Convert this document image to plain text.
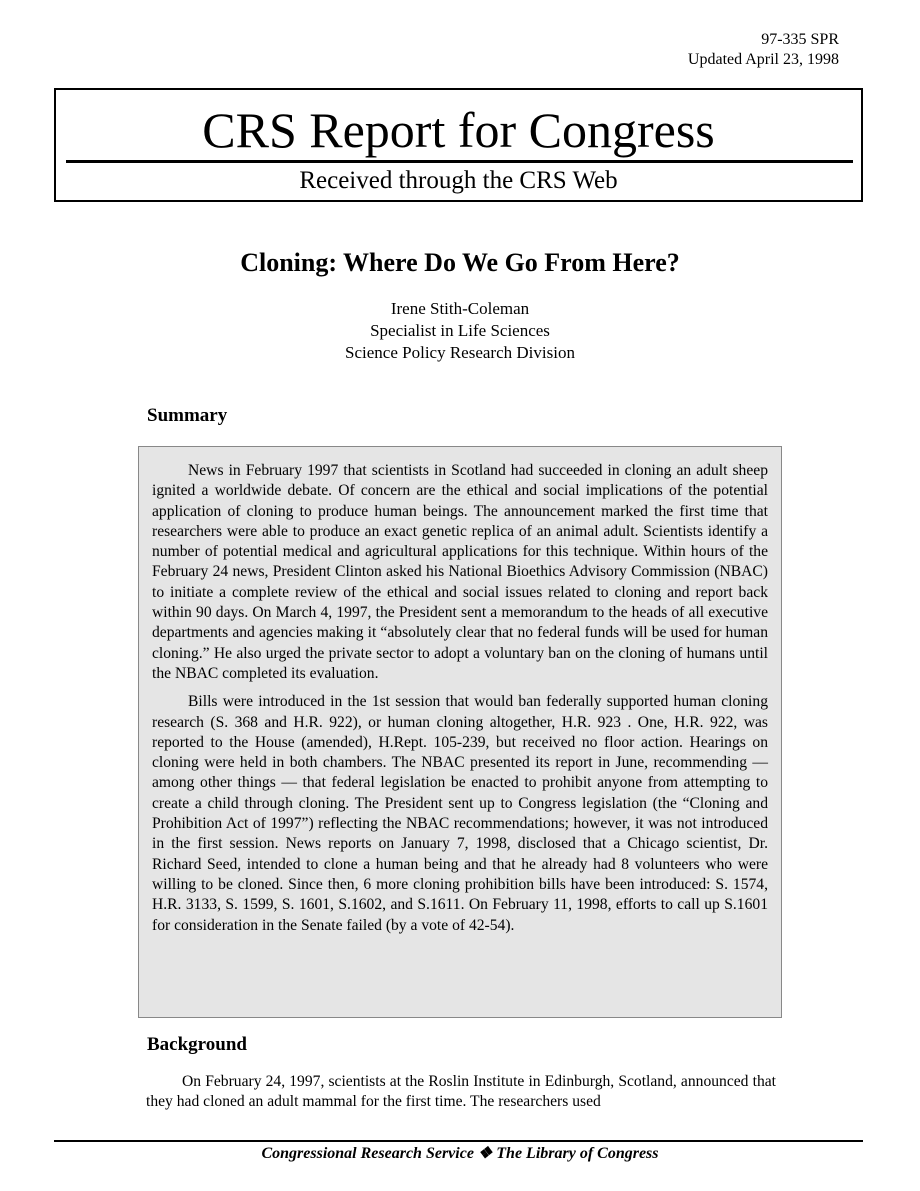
97-335 SPR
Updated April 23, 1998
CRS Report for Congress
Received through the CRS Web
Cloning: Where Do We Go From Here?
Irene Stith-Coleman
Specialist in Life Sciences
Science Policy Research Division
Summary

News in February 1997 that scientists in Scotland had succeeded in cloning an adult sheep ignited a worldwide debate. Of concern are the ethical and social implications of the potential application of cloning to produce human beings. The announcement marked the first time that researchers were able to produce an exact genetic replica of an animal adult. Scientists identify a number of potential medical and agricultural applications for this technique. Within hours of the February 24 news, President Clinton asked his National Bioethics Advisory Commission (NBAC) to initiate a complete review of the ethical and social issues related to cloning and report back within 90 days. On March 4, 1997, the President sent a memorandum to the heads of all executive departments and agencies making it “absolutely clear that no federal funds will be used for human cloning.” He also urged the private sector to adopt a voluntary ban on the cloning of humans until the NBAC completed its evaluation.

Bills were introduced in the 1st session that would ban federally supported human cloning research (S. 368 and H.R. 922), or human cloning altogether, H.R. 923 . One, H.R. 922, was reported to the House (amended), H.Rept. 105-239, but received no floor action. Hearings on cloning were held in both chambers. The NBAC presented its report in June, recommending — among other things — that federal legislation be enacted to prohibit anyone from attempting to create a child through cloning. The President sent up to Congress legislation (the “Cloning and Prohibition Act of 1997”) reflecting the NBAC recommendations; however, it was not introduced in the first session. News reports on January 7, 1998, disclosed that a Chicago scientist, Dr. Richard Seed, intended to clone a human being and that he already had 8 volunteers who were willing to be cloned. Since then, 6 more cloning prohibition bills have been introduced: S. 1574, H.R. 3133, S. 1599, S. 1601, S.1602, and S.1611. On February 11, 1998, efforts to call up S.1601 for consideration in the Senate failed (by a vote of 42-54).

Background

On February 24, 1997, scientists at the Roslin Institute in Edinburgh, Scotland, announced that they had cloned an adult mammal for the first time. The researchers used

Congressional Research Service ❖ The Library of Congress
